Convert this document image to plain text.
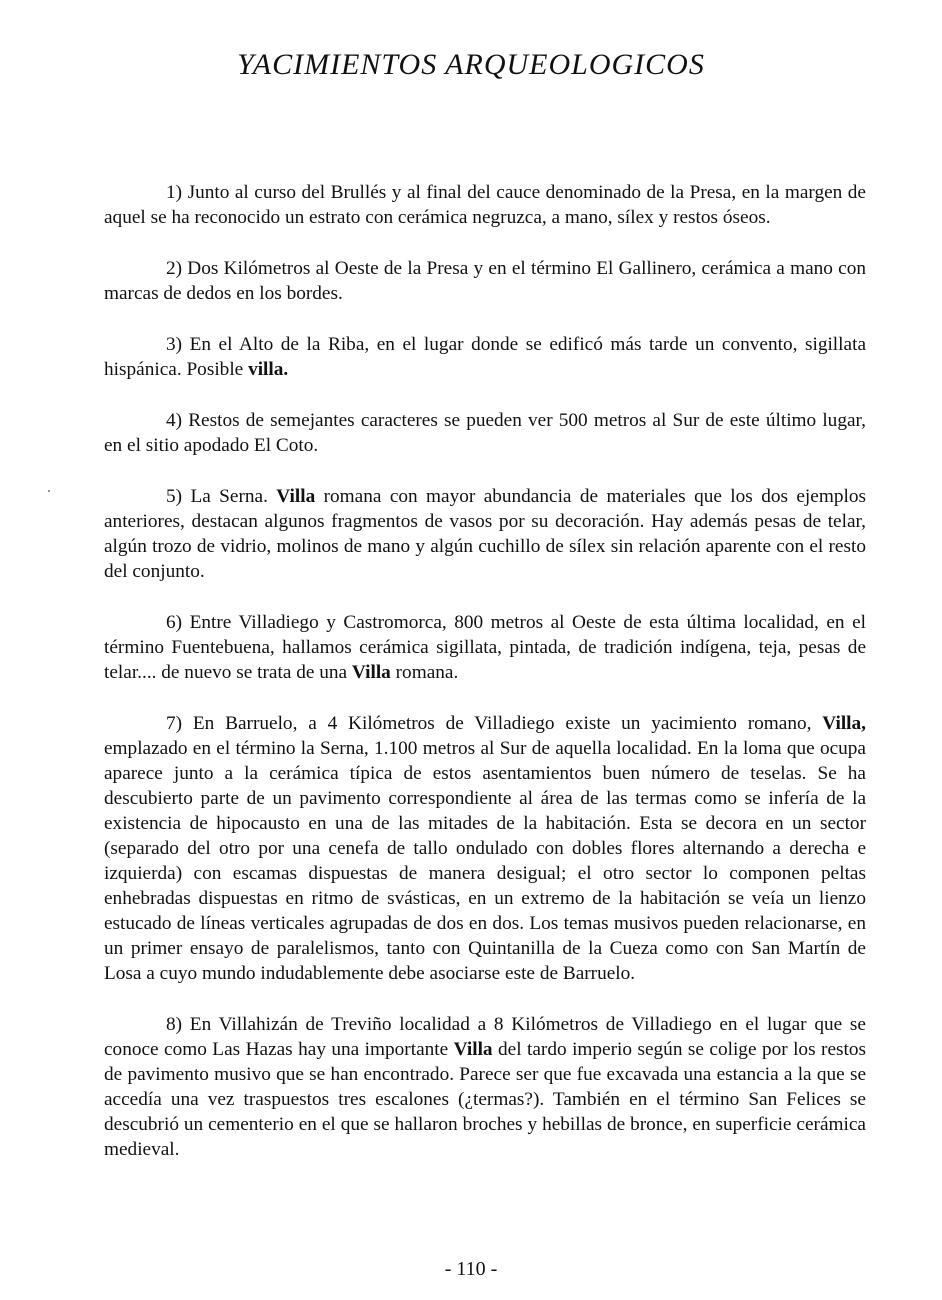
YACIMIENTOS ARQUEOLOGICOS

1) Junto al curso del Brullés y al final del cauce denominado de la Presa, en la margen de aquel se ha reconocido un estrato con cerámica negruzca, a mano, sílex y restos óseos.

2) Dos Kilómetros al Oeste de la Presa y en el término El Gallinero, cerámica a mano con marcas de dedos en los bordes.

3) En el Alto de la Riba, en el lugar donde se edificó más tarde un convento, sigillata hispánica. Posible villa.

4) Restos de semejantes caracteres se pueden ver 500 metros al Sur de este último lugar, en el sitio apodado El Coto.

5) La Serna. Villa romana con mayor abundancia de materiales que los dos ejemplos anteriores, destacan algunos fragmentos de vasos por su decoración. Hay además pesas de telar, algún trozo de vidrio, molinos de mano y algún cuchillo de sílex sin relación aparente con el resto del conjunto.

6) Entre Villadiego y Castromorca, 800 metros al Oeste de esta última localidad, en el término Fuentebuena, hallamos cerámica sigillata, pintada, de tradición indígena, teja, pesas de telar.... de nuevo se trata de una Villa romana.

7) En Barruelo, a 4 Kilómetros de Villadiego existe un yacimiento romano, Villa, emplazado en el término la Serna, 1.100 metros al Sur de aquella localidad. En la loma que ocupa aparece junto a la cerámica típica de estos asentamientos buen número de teselas. Se ha descubierto parte de un pavimento correspondiente al área de las termas como se infería de la existencia de hipocausto en una de las mitades de la habitación. Esta se decora en un sector (separado del otro por una cenefa de tallo ondulado con dobles flores alternando a derecha e izquierda) con escamas dispuestas de manera desigual; el otro sector lo componen peltas enhebradas dispuestas en ritmo de svásticas, en un extremo de la habitación se veía un lienzo estucado de líneas verticales agrupadas de dos en dos. Los temas musivos pueden relacionarse, en un primer ensayo de paralelismos, tanto con Quintanilla de la Cueza como con San Martín de Losa a cuyo mundo indudablemente debe asociarse este de Barruelo.

8) En Villahizán de Treviño localidad a 8 Kilómetros de Villadiego en el lugar que se conoce como Las Hazas hay una importante Villa del tardo imperio según se colige por los restos de pavimento musivo que se han encontrado. Parece ser que fue excavada una estancia a la que se accedía una vez traspuestos tres escalones (¿termas?). También en el término San Felices se descubrió un cementerio en el que se hallaron broches y hebillas de bronce, en superficie cerámica medieval.

- 110 -
